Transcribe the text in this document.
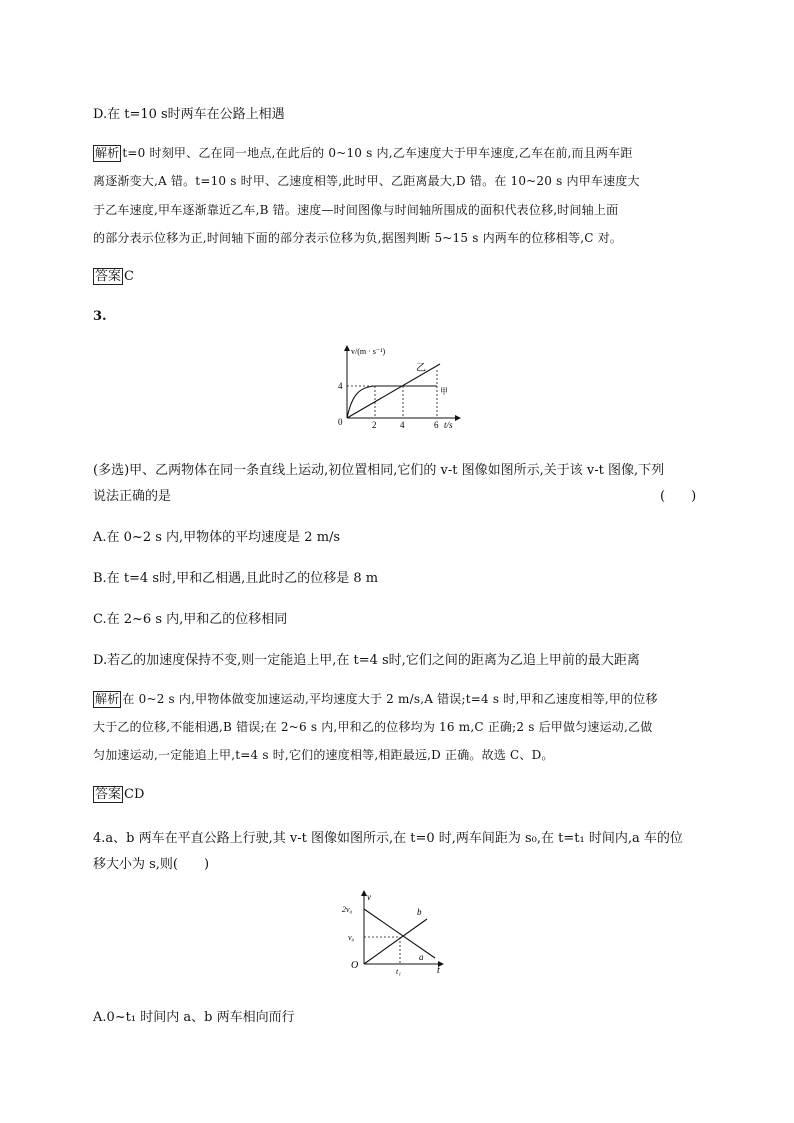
D.在 t=10 s时两车在公路上相遇
解析 t=0 时刻甲、乙在同一地点,在此后的 0~10 s 内,乙车速度大于甲车速度,乙车在前,而且两车距
离逐渐变大,A 错。t=10 s 时甲、乙速度相等,此时甲、乙距离最大,D 错。在 10~20 s 内甲车速度大
于乙车速度,甲车逐渐靠近乙车,B 错。速度—时间图像与时间轴所围成的面积代表位移,时间轴上面
的部分表示位移为正,时间轴下面的部分表示位移为负,据图判断 5~15 s 内两车的位移相等,C 对。
答案 C
3.
v/(m · s⁻¹)
4
0	2	4	6 t/s
乙
甲
(多选)甲、乙两物体在同一条直线上运动,初位置相同,它们的 v-t 图像如图所示,关于该 v-t 图像,下列
说法正确的是	(　　)
A.在 0~2 s 内,甲物体的平均速度是 2 m/s
B.在 t=4 s时,甲和乙相遇,且此时乙的位移是 8 m
C.在 2~6 s 内,甲和乙的位移相同
D.若乙的加速度保持不变,则一定能追上甲,在 t=4 s时,它们之间的距离为乙追上甲前的最大距离
解析 在 0~2 s 内,甲物体做变加速运动,平均速度大于 2 m/s,A 错误;t=4 s 时,甲和乙速度相等,甲的位移
大于乙的位移,不能相遇,B 错误;在 2~6 s 内,甲和乙的位移均为 16 m,C 正确;2 s 后甲做匀速运动,乙做
匀加速运动,一定能追上甲,t=4 s 时,它们的速度相等,相距最远,D 正确。故选 C、D。
答案 CD
4.a、b 两车在平直公路上行驶,其 v-t 图像如图所示,在 t=0 时,两车间距为 s₀,在 t=t₁ 时间内,a 车的位
移大小为 s,则(　　)
v
2v₀
v₀
O
t₁	t
b
a
A.0~t₁ 时间内 a、b 两车相向而行
